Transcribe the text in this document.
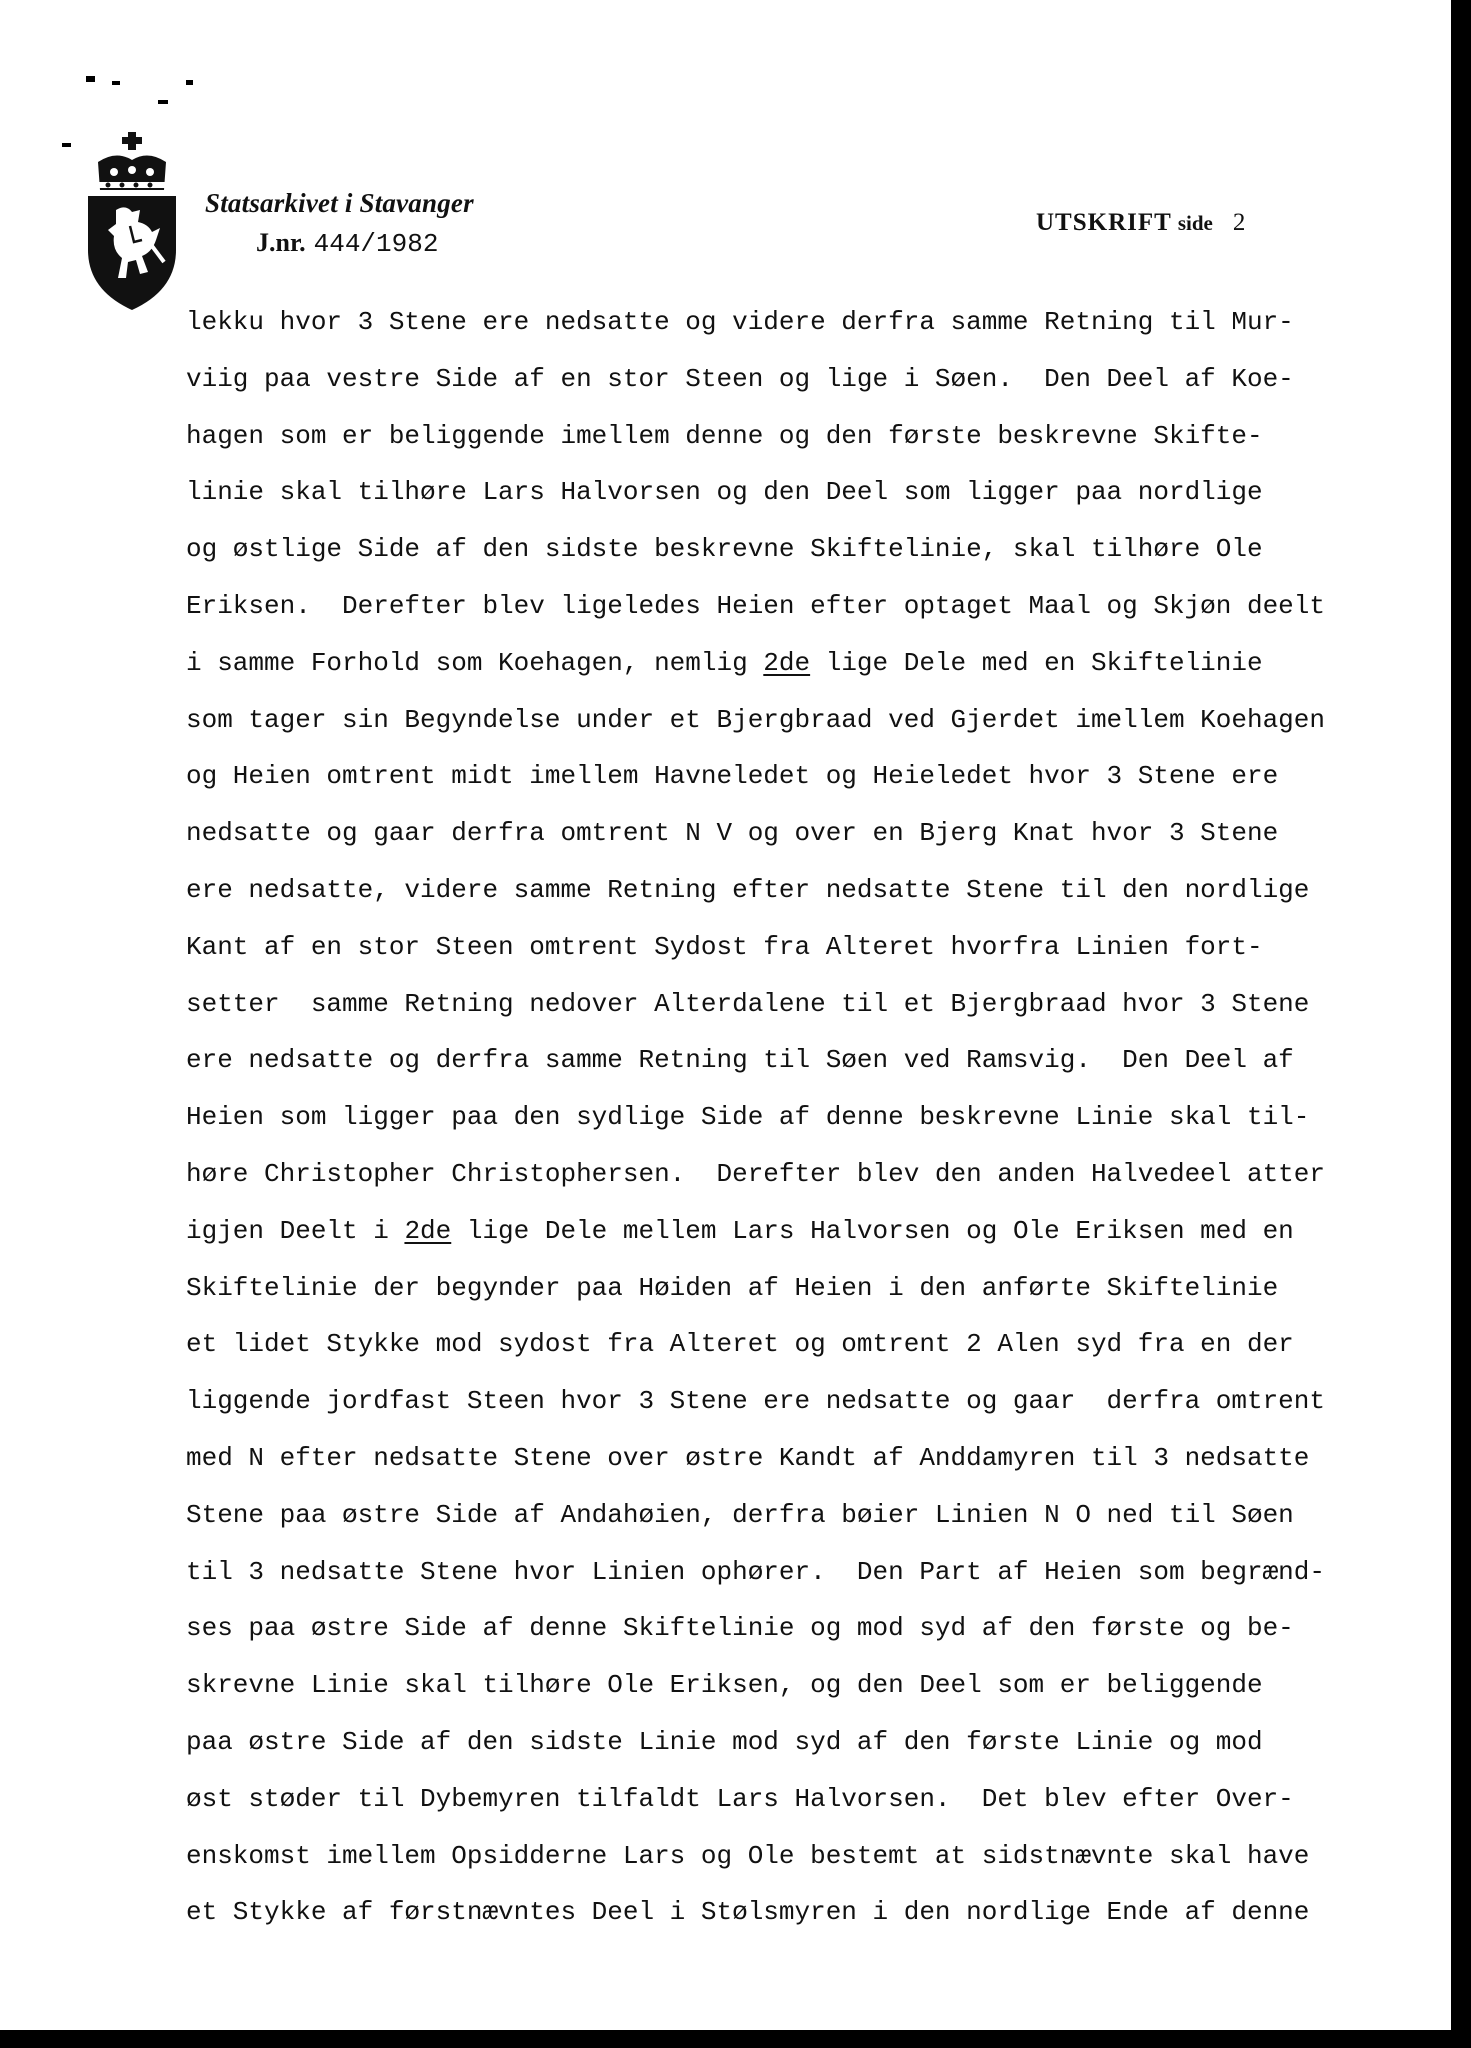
Statsarkivet i Stavanger
J.nr. 444/1982
UTSKRIFT side 2
lekku hvor 3 Stene ere nedsatte og videre derfra samme Retning til Mur-
viig paa vestre Side af en stor Steen og lige i Søen.  Den Deel af Koe-
hagen som er beliggende imellem denne og den første beskrevne Skifte-
linie skal tilhøre Lars Halvorsen og den Deel som ligger paa nordlige
og østlige Side af den sidste beskrevne Skiftelinie, skal tilhøre Ole
Eriksen.  Derefter blev ligeledes Heien efter optaget Maal og Skjøn deelt
i samme Forhold som Koehagen, nemlig 2de lige Dele med en Skiftelinie
som tager sin Begyndelse under et Bjergbraad ved Gjerdet imellem Koehagen
og Heien omtrent midt imellem Havneledet og Heieledet hvor 3 Stene ere
nedsatte og gaar derfra omtrent N V og over en Bjerg Knat hvor 3 Stene
ere nedsatte, videre samme Retning efter nedsatte Stene til den nordlige
Kant af en stor Steen omtrent Sydost fra Alteret hvorfra Linien fort-
setter  samme Retning nedover Alterdalene til et Bjergbraad hvor 3 Stene
ere nedsatte og derfra samme Retning til Søen ved Ramsvig.  Den Deel af
Heien som ligger paa den sydlige Side af denne beskrevne Linie skal til-
høre Christopher Christophersen.  Derefter blev den anden Halvedeel atter
igjen Deelt i 2de lige Dele mellem Lars Halvorsen og Ole Eriksen med en
Skiftelinie der begynder paa Høiden af Heien i den anførte Skiftelinie
et lidet Stykke mod sydost fra Alteret og omtrent 2 Alen syd fra en der
liggende jordfast Steen hvor 3 Stene ere nedsatte og gaar  derfra omtrent
med N efter nedsatte Stene over østre Kandt af Anddamyren til 3 nedsatte
Stene paa østre Side af Andahøien, derfra bøier Linien N O ned til Søen
til 3 nedsatte Stene hvor Linien ophører.  Den Part af Heien som begrænd-
ses paa østre Side af denne Skiftelinie og mod syd af den første og be-
skrevne Linie skal tilhøre Ole Eriksen, og den Deel som er beliggende
paa østre Side af den sidste Linie mod syd af den første Linie og mod
øst støder til Dybemyren tilfaldt Lars Halvorsen.  Det blev efter Over-
enskomst imellem Opsidderne Lars og Ole bestemt at sidstnævnte skal have
et Stykke af førstnævntes Deel i Stølsmyren i den nordlige Ende af denne
